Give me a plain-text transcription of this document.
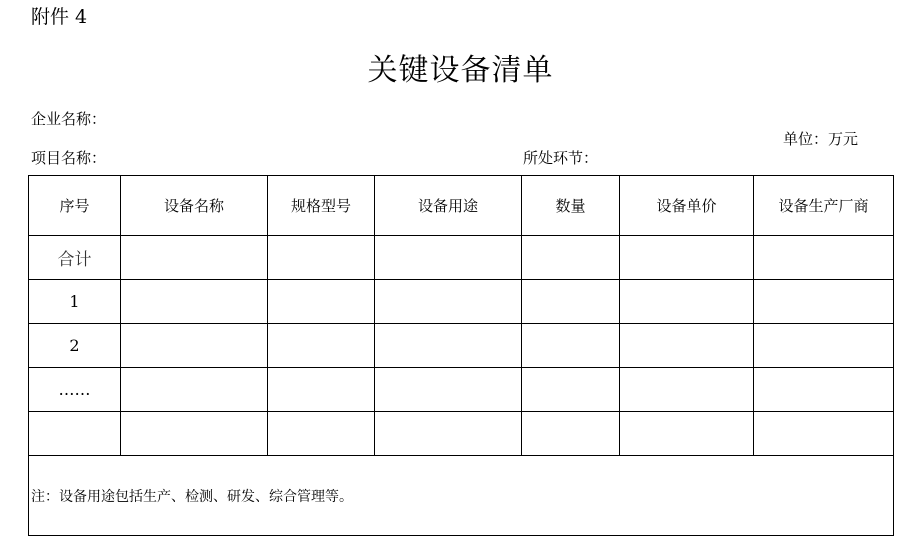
附件 4
关键设备清单
企业名称：
单位：万元
项目名称：	所处环节：
序号	设备名称	规格型号	设备用途	数量	设备单价	设备生产厂商
合计						
1						
2						
……						

注：设备用途包括生产、检测、研发、综合管理等。						
